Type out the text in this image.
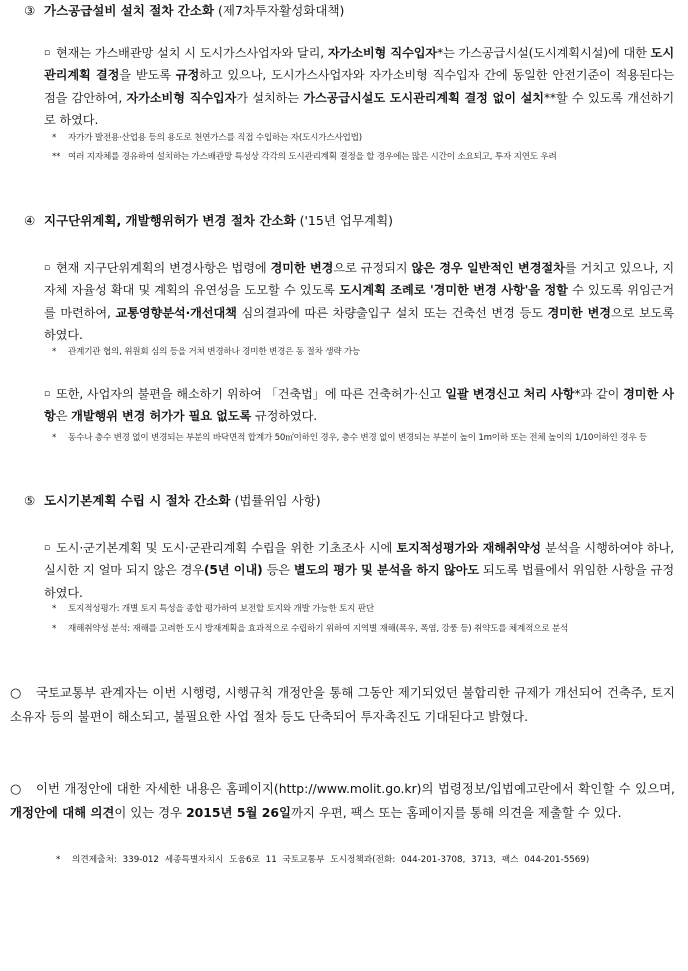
③ 가스공급설비 설치 절차 간소화 (제7차투자활성화대책)
▫ 현재는 가스배관망 설치 시 도시가스사업자와 달리, 자가소비형 직수입자*는 가스공급시설(도시계획시설)에 대한 도시관리계획 결정을 받도록 규정하고 있으나, 도시가스사업자와 자가소비형 직수입자 간에 동일한 안전기준이 적용된다는 점을 감안하여, 자가소비형 직수입자가 설치하는 가스공급시설도 도시관리계획 결정 없이 설치**할 수 있도록 개선하기로 하였다.
* 자가가 발전용·산업용 등의 용도로 천연가스를 직접 수입하는 자(도시가스사업법)
** 여러 지자체를 경유하여 설치하는 가스배관망 특성상 각각의 도시관리계획 결정을 할 경우에는 많은 시간이 소요되고, 투자 지연도 우려
④ 지구단위계획, 개발행위허가 변경 절차 간소화 ('15년 업무계획)
▫ 현재 지구단위계획의 변경사항은 법령에 경미한 변경으로 규정되지 않은 경우 일반적인 변경절차를 거치고 있으나, 지자체 자율성 확대 및 계획의 유연성을 도모할 수 있도록 도시계획 조례로 '경미한 변경 사항'을 정할 수 있도록 위임근거를 마련하여, 교통영향분석·개선대책 심의결과에 따른 차량출입구 설치 또는 건축선 변경 등도 경미한 변경으로 보도록 하였다.
* 관계기관 협의, 위원회 심의 등을 거쳐 변경하나 경미한 변경은 동 절차 생략 가능
▫ 또한, 사업자의 불편을 해소하기 위하여 「건축법」에 따른 건축허가·신고 일괄 변경신고 처리 사항*과 같이 경미한 사항은 개발행위 변경 허가가 필요 없도록 규정하였다.
* 동수나 층수 변경 없이 변경되는 부분의 바닥면적 합계가 50㎡이하인 경우, 층수 변경 없이 변경되는 부분이 높이 1m이하 또는 전체 높이의 1/10이하인 경우 등
⑤ 도시기본계획 수립 시 절차 간소화 (법률위임 사항)
▫ 도시·군기본계획 및 도시·군관리계획 수립을 위한 기초조사 시에 토지적성평가와 재해취약성 분석을 시행하여야 하나, 실시한 지 얼마 되지 않은 경우(5년 이내) 등은 별도의 평가 및 분석을 하지 않아도 되도록 법률에서 위임한 사항을 규정하였다.
* 토지적성평가: 개별 토지 특성을 종합 평가하여 보전할 토지와 개발 가능한 토지 판단
* 재해취약성 분석: 재해를 고려한 도시 방재계획을 효과적으로 수립하기 위하여 지역별 재해(폭우, 폭염, 강풍 등) 취약도를 체계적으로 분석
○ 국토교통부 관계자는 이번 시행령, 시행규칙 개정안을 통해 그동안 제기되었던 불합리한 규제가 개선되어 건축주, 토지소유자 등의 불편이 해소되고, 불필요한 사업 절차 등도 단축되어 투자촉진도 기대된다고 밝혔다.
○ 이번 개정안에 대한 자세한 내용은 홈페이지(http://www.molit.go.kr)의 법령정보/입법예고란에서 확인할 수 있으며, 개정안에 대해 의견이 있는 경우 2015년 5월 26일까지 우편, 팩스 또는 홈페이지를 통해 의견을 제출할 수 있다.
* 의견제출처: 339-012 세종특별자치시 도움6로 11 국토교통부 도시정책과(전화: 044-201-3708, 3713, 팩스 044-201-5569)
